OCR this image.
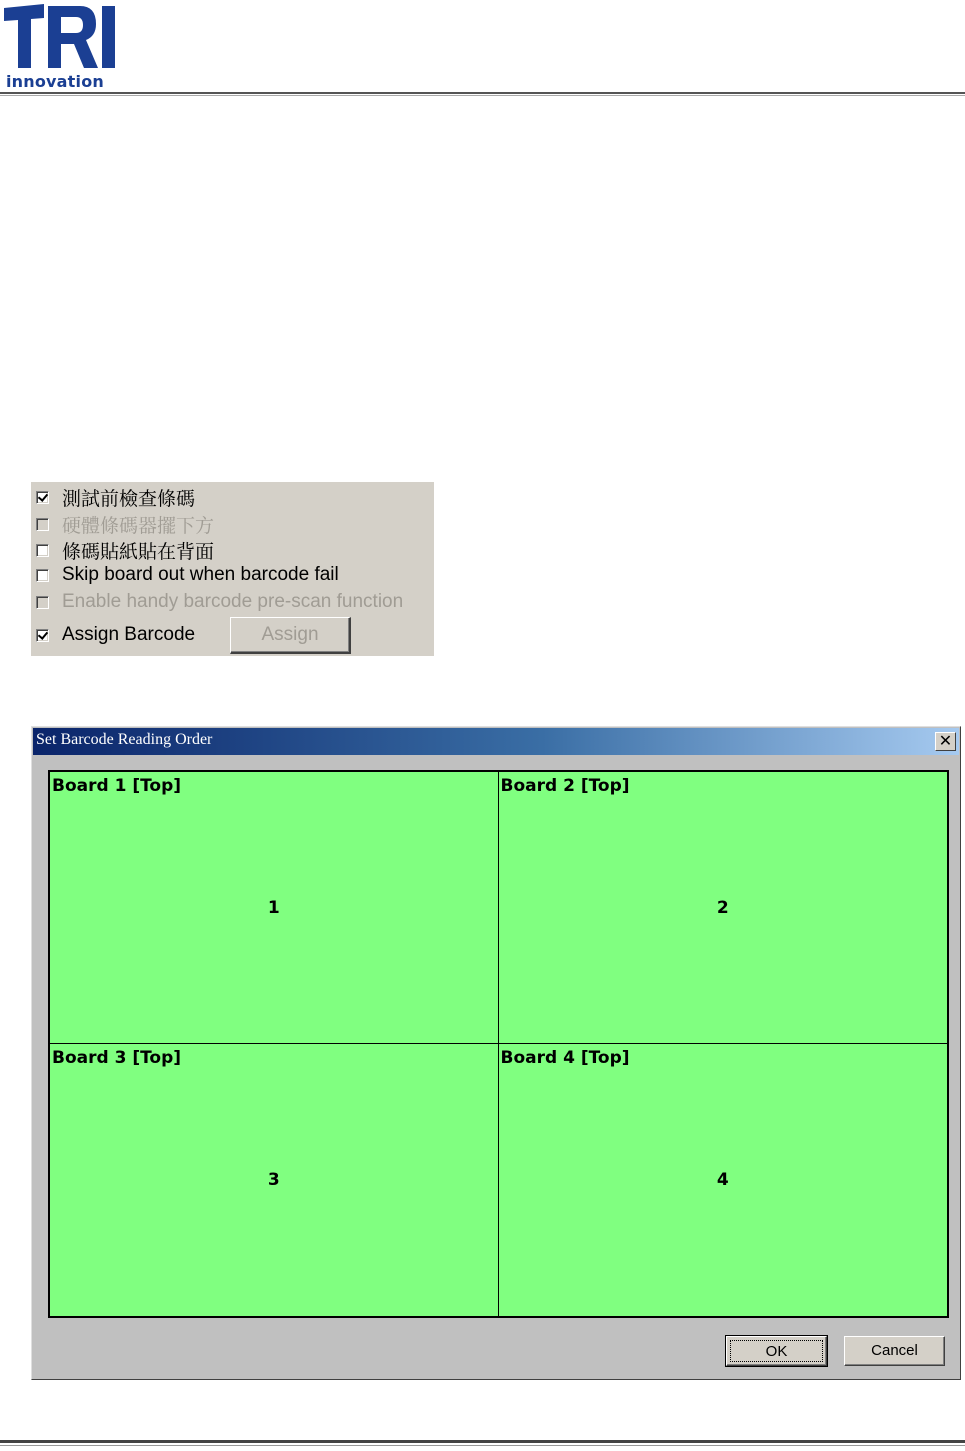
innovation
測試前檢查條碼
硬體條碼器擺下方
條碼貼紙貼在背面
Skip board out when barcode fail
Enable handy barcode pre-scan function
Assign Barcode	Assign
Set Barcode Reading Order	✕
Board 1 [Top]
1
Board 2 [Top]
2
Board 3 [Top]
3
Board 4 [Top]
4
OK	Cancel
